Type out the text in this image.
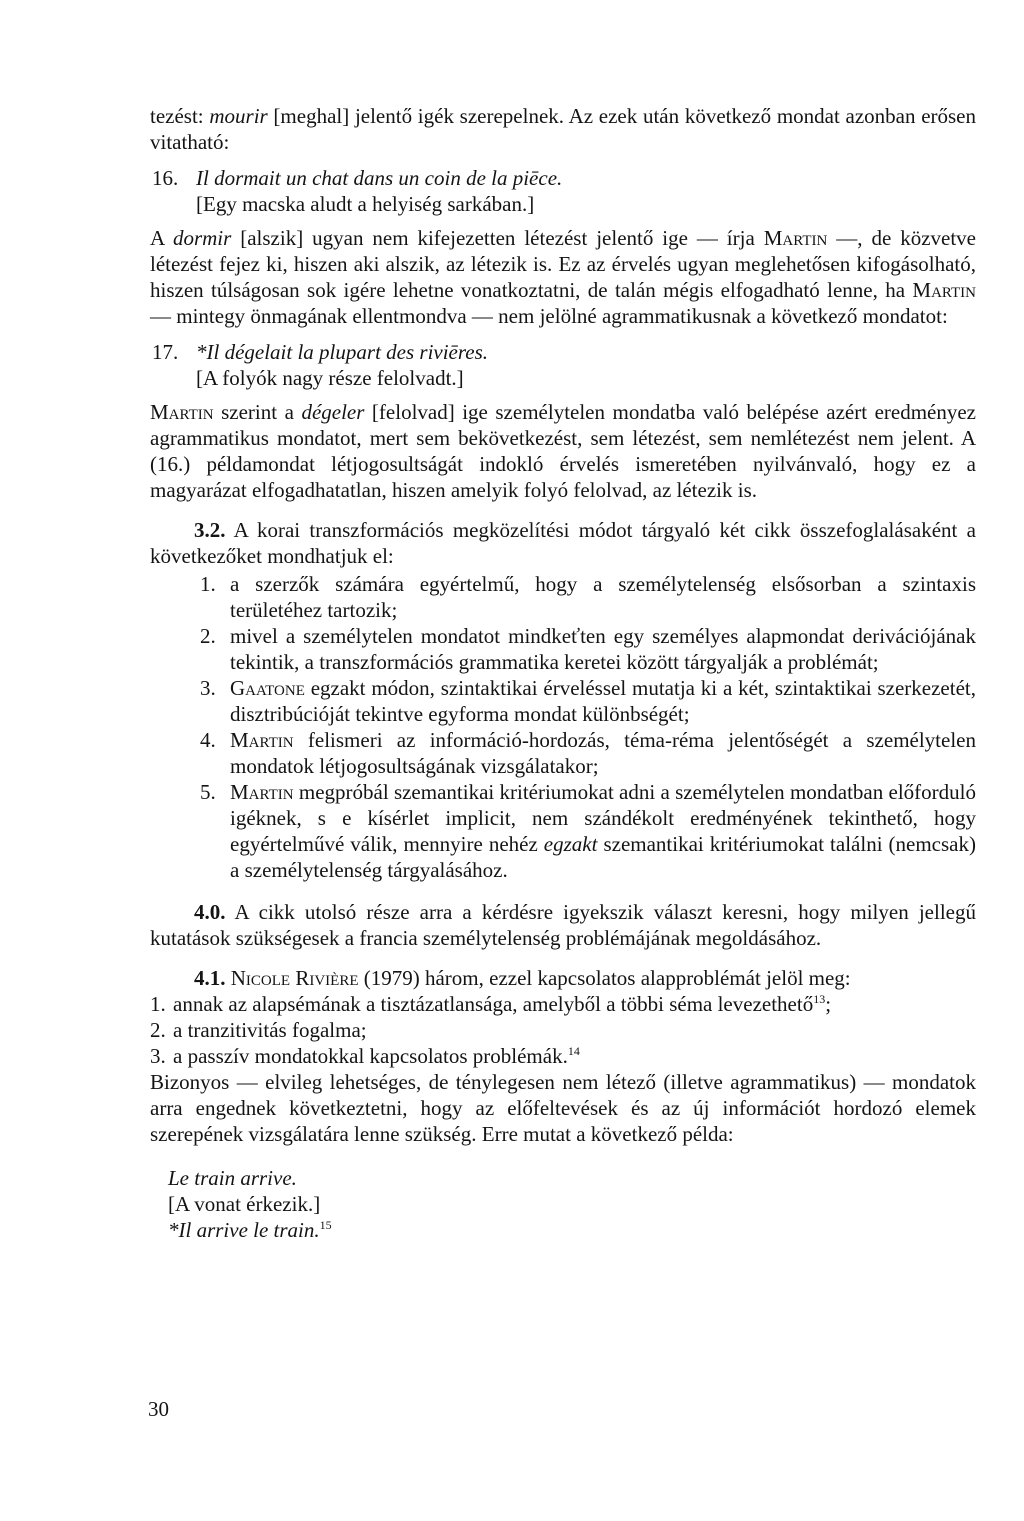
tezést: mourir [meghal] jelentő igék szerepelnek. Az ezek után következő mondat azonban erősen vitatható:

16. Il dormait un chat dans un coin de la piēce.
[Egy macska aludt a helyiség sarkában.]

A dormir [alszik] ugyan nem kifejezetten létezést jelentő ige — írja Martin —, de közvetve létezést fejez ki, hiszen aki alszik, az létezik is. Ez az érvelés ugyan meglehetősen kifogásolható, hiszen túlságosan sok igére lehetne vonatkoztatni, de talán mégis elfogadható lenne, ha Martin — mintegy önmagának ellentmondva — nem jelölné agrammatikusnak a következő mondatot:

17. *Il dégelait la plupart des riviēres.
[A folyók nagy része felolvadt.]

Martin szerint a dégeler [felolvad] ige személytelen mondatba való belépése azért eredményez agrammatikus mondatot, mert sem bekövetkezést, sem létezést, sem nemlétezést nem jelent. A (16.) példamondat létjogosultságát indokló érvelés ismeretében nyilvánvaló, hogy ez a magyarázat elfogadhatatlan, hiszen amelyik folyó felolvad, az létezik is.

3.2. A korai transzformációs megközelítési módot tárgyaló két cikk összefoglalásaként a következőket mondhatjuk el:

1. a szerzők számára egyértelmű, hogy a személytelenség elsősorban a szintaxis területéhez tartozik;
2. mivel a személytelen mondatot mindkeťten egy személyes alapmondat derivációjának tekintik, a transzformációs grammatika keretei között tárgyalják a problémát;
3. Gaatone egzakt módon, szintaktikai érveléssel mutatja ki a két, szintaktikai szerkezetét, disztribúcióját tekintve egyforma mondat különbségét;
4. Martin felismeri az információ-hordozás, téma-réma jelentőségét a személytelen mondatok létjogosultságának vizsgálatakor;
5. Martin megpróbál szemantikai kritériumokat adni a személytelen mondatban előforduló igéknek, s e kísérlet implicit, nem szándékolt eredményének tekinthető, hogy egyértelművé válik, mennyire nehéz egzakt szemantikai kritériumokat találni (nemcsak) a személytelenség tárgyalásához.

4.0. A cikk utolsó része arra a kérdésre igyekszik választ keresni, hogy milyen jellegű kutatások szükségesek a francia személytelenség problémájának megoldásához.

4.1. Nicole Rivière (1979) három, ezzel kapcsolatos alapproblémát jelöl meg:

1. annak az alapsémának a tisztázatlansága, amelyből a többi séma levezethető$^{13}$;
2. a tranzitivitás fogalma;
3. a passzív mondatokkal kapcsolatos problémák.$^{14}$

Bizonyos — elvileg lehetséges, de ténylegesen nem létező (illetve agrammatikus) — mondatok arra engednek következtetni, hogy az előfeltevések és az új információt hordozó elemek szerepének vizsgálatára lenne szükség. Erre mutat a következő példa:

Le train arrive.
[A vonat érkezik.]
*Il arrive le train.$^{15}$
30
